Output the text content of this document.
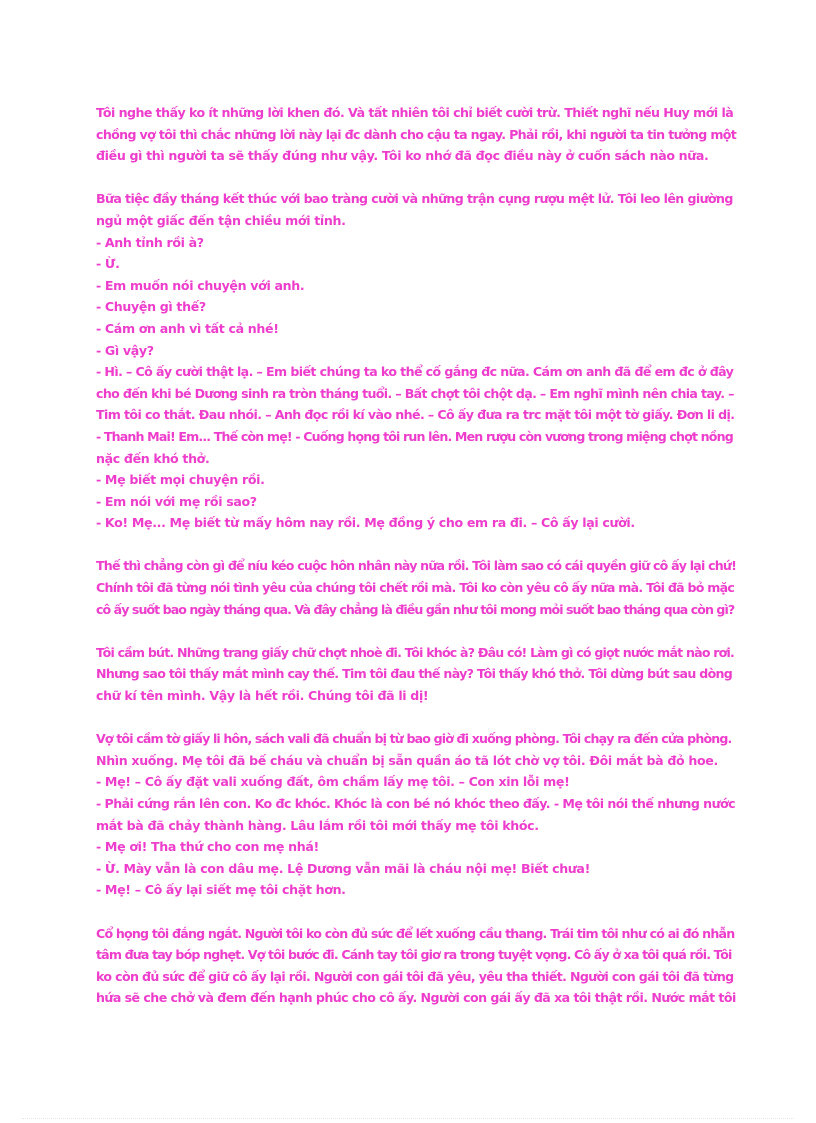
Tôi nghe thấy ko ít những lời khen đó. Và tất nhiên tôi chỉ biết cười trừ. Thiết nghĩ nếu Huy mới là
chồng vợ tôi thì chắc những lời này lại đc dành cho cậu ta ngay. Phải rồi, khi người ta tin tưởng một
điều gì thì người ta sẽ thấy đúng như vậy. Tôi ko nhớ đã đọc điều này ở cuốn sách nào nữa.
Bữa tiệc đầy tháng kết thúc với bao tràng cười và những trận cụng rượu mệt lử. Tôi leo lên giường
ngủ một giấc đến tận chiều mới tỉnh.
- Anh tỉnh rồi à?
- Ừ.
- Em muốn nói chuyện với anh.
- Chuyện gì thế?
- Cám ơn anh vì tất cả nhé!
- Gì vậy?
- Hì. – Cô ấy cười thật lạ. – Em biết chúng ta ko thể cố gắng đc nữa. Cám ơn anh đã để em đc ở đây
cho đến khi bé Dương sinh ra tròn tháng tuổi. – Bất chợt tôi chột dạ. – Em nghĩ mình nên chia tay. –
Tim tôi co thắt. Đau nhói. – Anh đọc rồi kí vào nhé. – Cô ấy đưa ra trc mặt tôi một tờ giấy. Đơn li dị.
- Thanh Mai! Em... Thế còn mẹ! - Cuống họng tôi run lên. Men rượu còn vương trong miệng chợt nồng
nặc đến khó thở.
- Mẹ biết mọi chuyện rồi.
- Em nói với mẹ rồi sao?
- Ko! Mẹ... Mẹ biết từ mấy hôm nay rồi. Mẹ đồng ý cho em ra đi. – Cô ấy lại cười.
Thế thì chẳng còn gì để níu kéo cuộc hôn nhân này nữa rồi. Tôi làm sao có cái quyền giữ cô ấy lại chứ!
Chính tôi đã từng nói tình yêu của chúng tôi chết rồi mà. Tôi ko còn yêu cô ấy nữa mà. Tôi đã bỏ mặc
cô ấy suốt bao ngày tháng qua. Và đây chẳng là điều gần như tôi mong mỏi suốt bao tháng qua còn gì?
Tôi cầm bút. Những trang giấy chữ chợt nhoè đi. Tôi khóc à? Đâu có! Làm gì có giọt nước mắt nào rơi.
Nhưng sao tôi thấy mắt mình cay thế. Tim tôi đau thế này? Tôi thấy khó thở. Tôi dừng bút sau dòng
chữ kí tên mình. Vậy là hết rồi. Chúng tôi đã li dị!
Vợ tôi cầm tờ giấy li hôn, sách vali đã chuẩn bị từ bao giờ đi xuống phòng. Tôi chạy ra đến cửa phòng.
Nhìn xuống. Mẹ tôi đã bế cháu và chuẩn bị sẵn quần áo tã lót chờ vợ tôi. Đôi mắt bà đỏ hoe.
- Mẹ! – Cô ấy đặt vali xuống đất, ôm chầm lấy mẹ tôi. – Con xin lỗi mẹ!
- Phải cứng rắn lên con. Ko đc khóc. Khóc là con bé nó khóc theo đấy. - Mẹ tôi nói thế nhưng nước
mắt bà đã chảy thành hàng. Lâu lắm rồi tôi mới thấy mẹ tôi khóc.
- Mẹ ơi! Tha thứ cho con mẹ nhá!
- Ừ. Mày vẫn là con dâu mẹ. Lệ Dương vẫn mãi là cháu nội mẹ! Biết chưa!
- Mẹ! – Cô ấy lại siết mẹ tôi chặt hơn.
Cổ họng tôi đắng ngắt. Người tôi ko còn đủ sức để lết xuống cầu thang. Trái tim tôi như có ai đó nhẫn
tâm đưa tay bóp nghẹt. Vợ tôi bước đi. Cánh tay tôi giơ ra trong tuyệt vọng. Cô ấy ở xa tôi quá rồi. Tôi
ko còn đủ sức để giữ cô ấy lại rồi. Người con gái tôi đã yêu, yêu tha thiết. Người con gái tôi đã từng
hứa sẽ che chở và đem đến hạnh phúc cho cô ấy. Người con gái ấy đã xa tôi thật rồi. Nước mắt tôi
